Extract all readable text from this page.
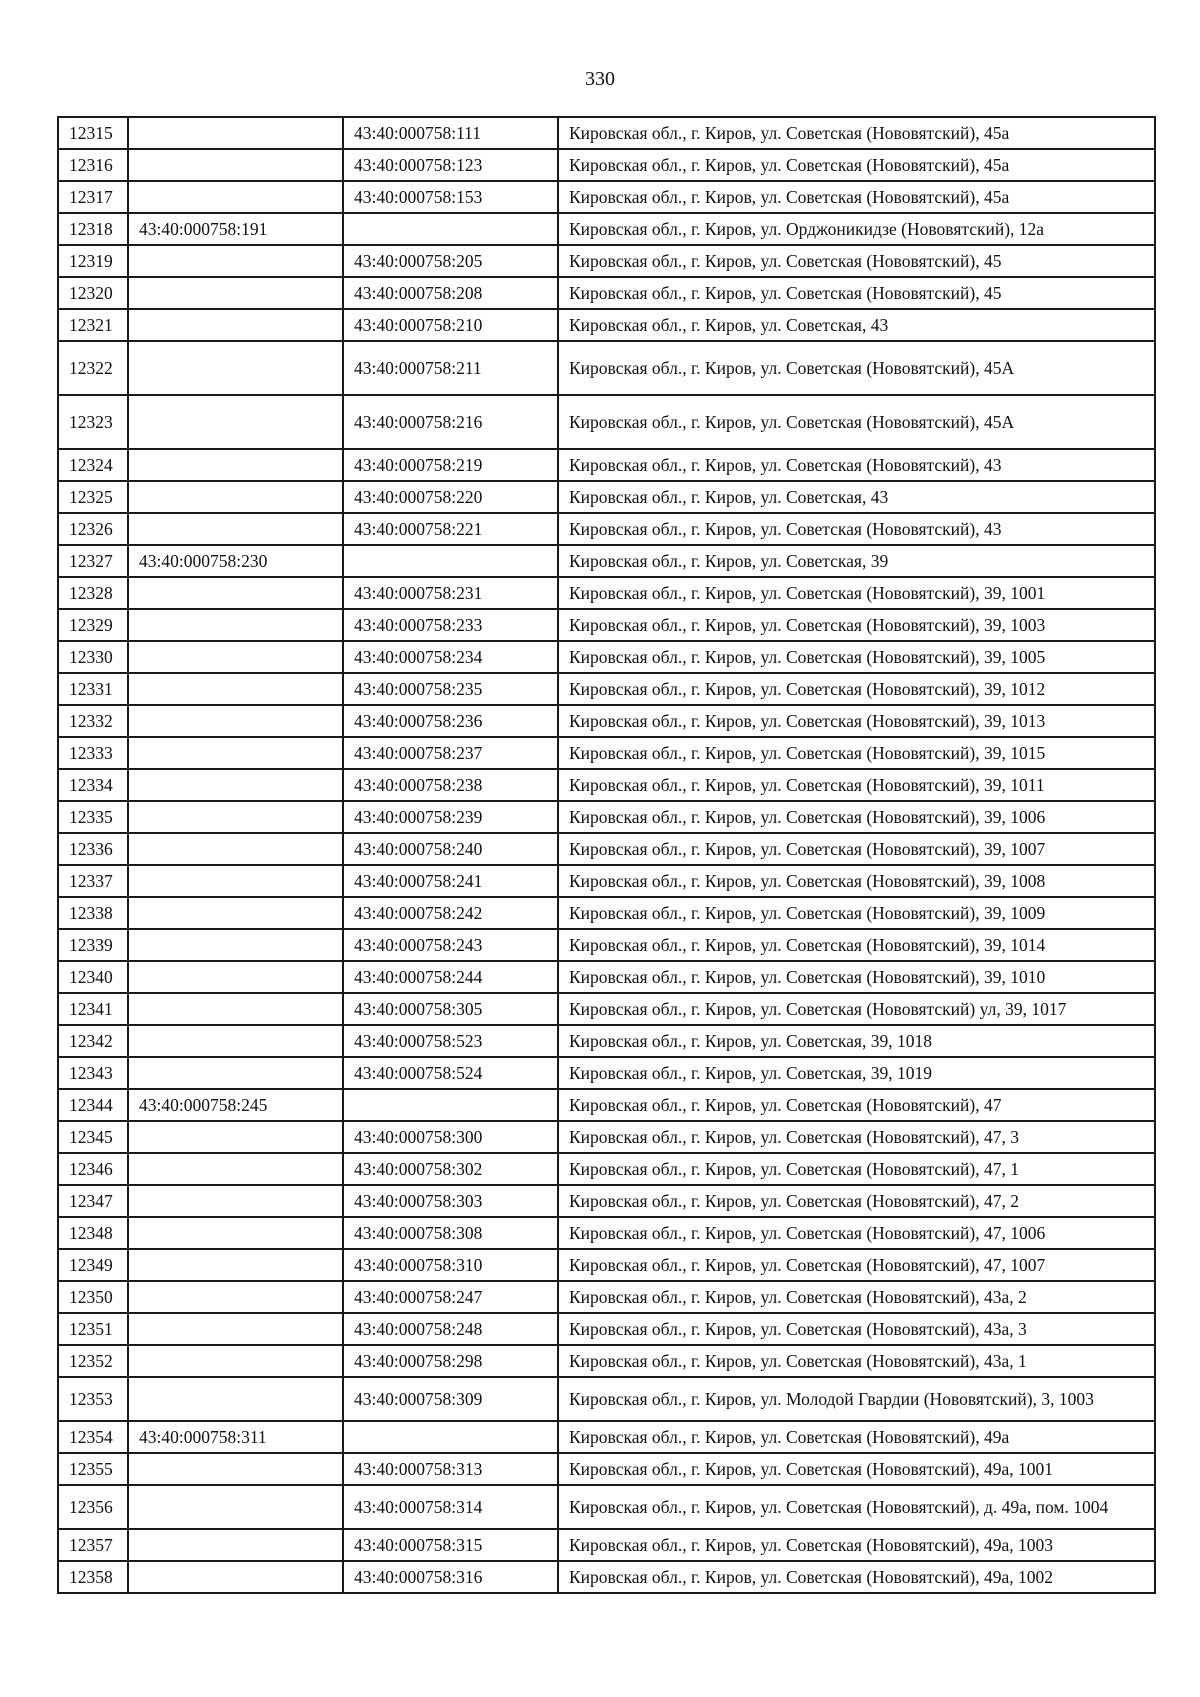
330
12315		43:40:000758:111	Кировская обл., г. Киров, ул. Советская (Нововятский), 45а
12316		43:40:000758:123	Кировская обл., г. Киров, ул. Советская (Нововятский), 45а
12317		43:40:000758:153	Кировская обл., г. Киров, ул. Советская (Нововятский), 45а
12318	43:40:000758:191		Кировская обл., г. Киров, ул. Орджоникидзе (Нововятский), 12а
12319		43:40:000758:205	Кировская обл., г. Киров, ул. Советская (Нововятский), 45
12320		43:40:000758:208	Кировская обл., г. Киров, ул. Советская (Нововятский), 45
12321		43:40:000758:210	Кировская обл., г. Киров, ул. Советская, 43
12322		43:40:000758:211	Кировская обл., г. Киров, ул. Советская (Нововятский), 45А
12323		43:40:000758:216	Кировская обл., г. Киров, ул. Советская (Нововятский), 45А
12324		43:40:000758:219	Кировская обл., г. Киров, ул. Советская (Нововятский), 43
12325		43:40:000758:220	Кировская обл., г. Киров, ул. Советская, 43
12326		43:40:000758:221	Кировская обл., г. Киров, ул. Советская (Нововятский), 43
12327	43:40:000758:230		Кировская обл., г. Киров, ул. Советская, 39
12328		43:40:000758:231	Кировская обл., г. Киров, ул. Советская (Нововятский), 39, 1001
12329		43:40:000758:233	Кировская обл., г. Киров, ул. Советская (Нововятский), 39, 1003
12330		43:40:000758:234	Кировская обл., г. Киров, ул. Советская (Нововятский), 39, 1005
12331		43:40:000758:235	Кировская обл., г. Киров, ул. Советская (Нововятский), 39, 1012
12332		43:40:000758:236	Кировская обл., г. Киров, ул. Советская (Нововятский), 39, 1013
12333		43:40:000758:237	Кировская обл., г. Киров, ул. Советская (Нововятский), 39, 1015
12334		43:40:000758:238	Кировская обл., г. Киров, ул. Советская (Нововятский), 39, 1011
12335		43:40:000758:239	Кировская обл., г. Киров, ул. Советская (Нововятский), 39, 1006
12336		43:40:000758:240	Кировская обл., г. Киров, ул. Советская (Нововятский), 39, 1007
12337		43:40:000758:241	Кировская обл., г. Киров, ул. Советская (Нововятский), 39, 1008
12338		43:40:000758:242	Кировская обл., г. Киров, ул. Советская (Нововятский), 39, 1009
12339		43:40:000758:243	Кировская обл., г. Киров, ул. Советская (Нововятский), 39, 1014
12340		43:40:000758:244	Кировская обл., г. Киров, ул. Советская (Нововятский), 39, 1010
12341		43:40:000758:305	Кировская обл., г. Киров, ул. Советская (Нововятский) ул, 39, 1017
12342		43:40:000758:523	Кировская обл., г. Киров, ул. Советская, 39, 1018
12343		43:40:000758:524	Кировская обл., г. Киров, ул. Советская, 39, 1019
12344	43:40:000758:245		Кировская обл., г. Киров, ул. Советская (Нововятский), 47
12345		43:40:000758:300	Кировская обл., г. Киров, ул. Советская (Нововятский), 47, 3
12346		43:40:000758:302	Кировская обл., г. Киров, ул. Советская (Нововятский), 47, 1
12347		43:40:000758:303	Кировская обл., г. Киров, ул. Советская (Нововятский), 47, 2
12348		43:40:000758:308	Кировская обл., г. Киров, ул. Советская (Нововятский), 47, 1006
12349		43:40:000758:310	Кировская обл., г. Киров, ул. Советская (Нововятский), 47, 1007
12350		43:40:000758:247	Кировская обл., г. Киров, ул. Советская (Нововятский), 43а, 2
12351		43:40:000758:248	Кировская обл., г. Киров, ул. Советская (Нововятский), 43а, 3
12352		43:40:000758:298	Кировская обл., г. Киров, ул. Советская (Нововятский), 43а, 1
12353		43:40:000758:309	Кировская обл., г. Киров, ул. Молодой Гвардии (Нововятский), 3, 1003
12354	43:40:000758:311		Кировская обл., г. Киров, ул. Советская (Нововятский), 49а
12355		43:40:000758:313	Кировская обл., г. Киров, ул. Советская (Нововятский), 49а, 1001
12356		43:40:000758:314	Кировская обл., г. Киров, ул. Советская (Нововятский), д. 49а, пом. 1004
12357		43:40:000758:315	Кировская обл., г. Киров, ул. Советская (Нововятский), 49а, 1003
12358		43:40:000758:316	Кировская обл., г. Киров, ул. Советская (Нововятский), 49а, 1002
